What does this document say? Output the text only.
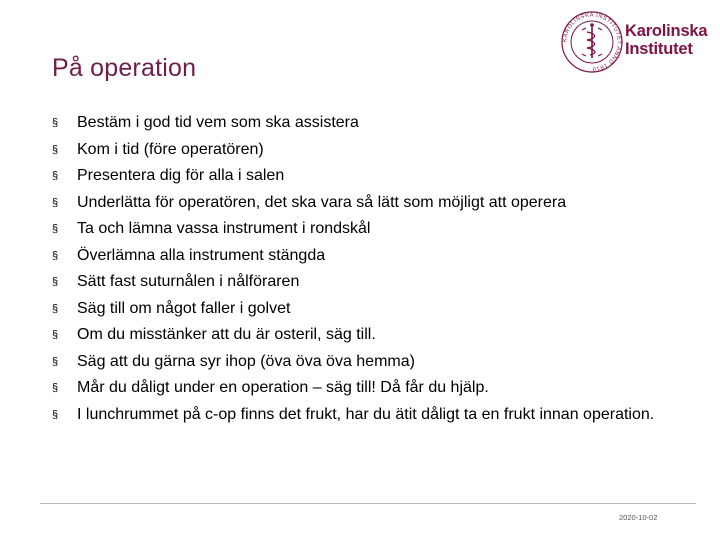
På operation
KAROLINSKA INSTITUTET ANNO 1810
Karolinska
Institutet
§ Bestäm i god tid vem som ska assistera
§ Kom i tid (före operatören)
§ Presentera dig för alla i salen
§ Underlätta för operatören, det ska vara så lätt som möjligt att operera
§ Ta och lämna vassa instrument i rondskål
§ Överlämna alla instrument stängda
§ Sätt fast suturnålen i nålföraren
§ Säg till om något faller i golvet
§ Om du misstänker att du är osteril, säg till.
§ Säg att du gärna syr ihop (öva öva öva hemma)
§ Mår du dåligt under en operation – säg till! Då får du hjälp.
§ I lunchrummet på c-op finns det frukt, har du ätit dåligt ta en frukt innan operation.
2020-10-02
